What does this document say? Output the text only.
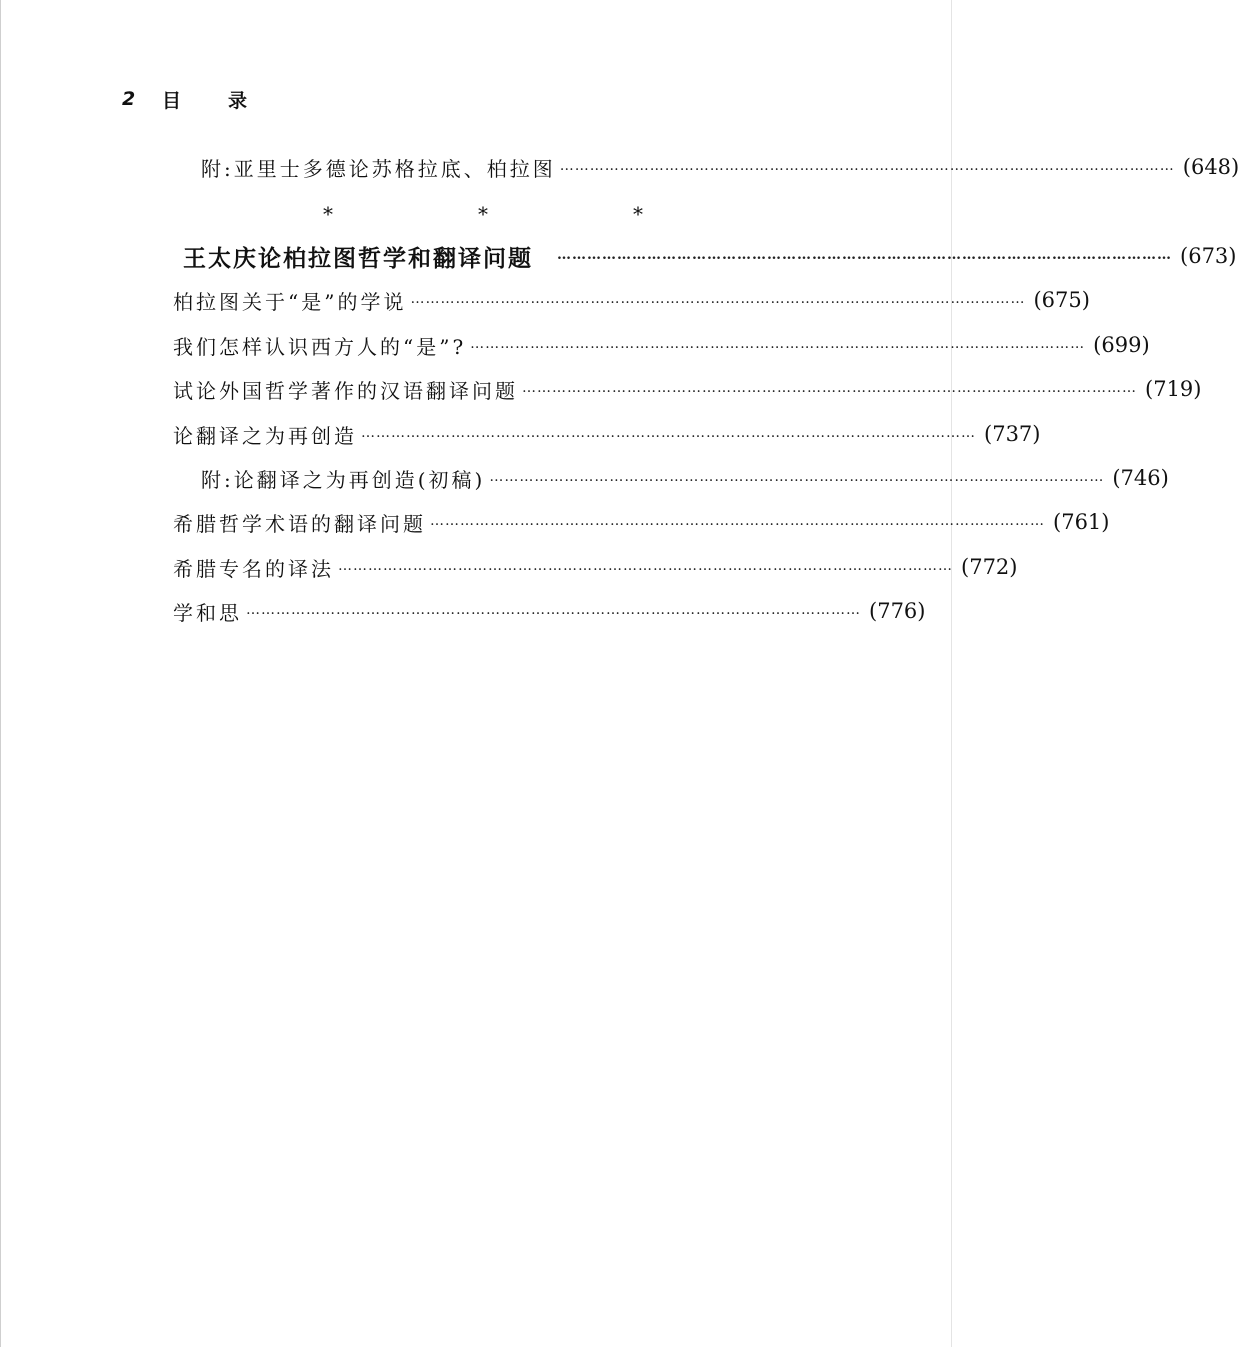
2	目	录
*	*	*
附:亚里士多德论苏格拉底、柏拉图 …………………………………………………………………………………………………………… ( 648 )
王太庆论柏拉图哲学和翻译问题 …………………………………………………………………………………………………………… ( 673 )
柏拉图关于“是”的学说 …………………………………………………………………………………………………………… ( 675 )
我们怎样认识西方人的“是”? …………………………………………………………………………………………………………… ( 699 )
试论外国哲学著作的汉语翻译问题 …………………………………………………………………………………………………………… ( 719 )
论翻译之为再创造 …………………………………………………………………………………………………………… ( 737 )
附:论翻译之为再创造(初稿) …………………………………………………………………………………………………………… ( 746 )
希腊哲学术语的翻译问题 …………………………………………………………………………………………………………… ( 761 )
希腊专名的译法 …………………………………………………………………………………………………………… ( 772 )
学和思 …………………………………………………………………………………………………………… ( 776 )
